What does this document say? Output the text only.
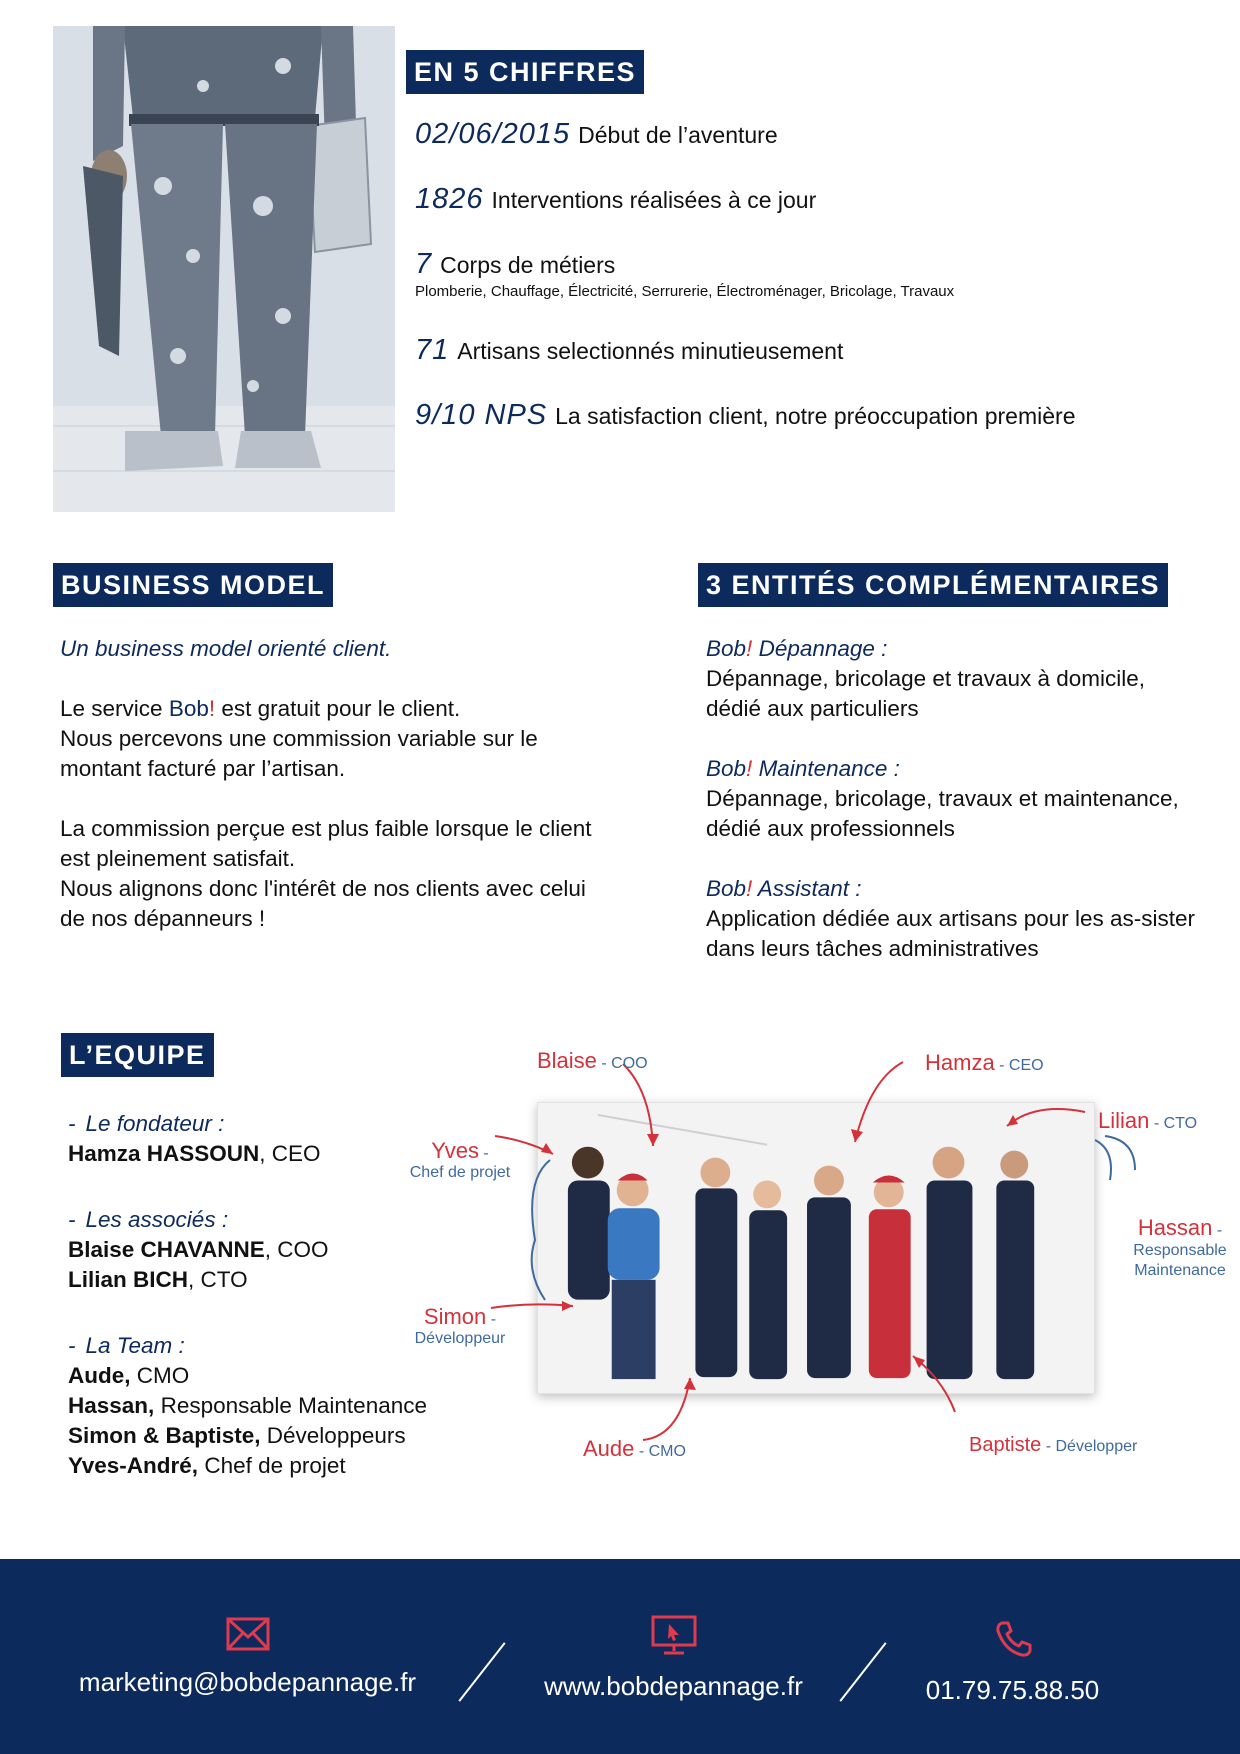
EN 5 CHIFFRES
02/06/2015 Début de l’aventure
1826 Interventions réalisées à ce jour
7 Corps de métiers
Plomberie, Chauffage, Électricité, Serrurerie, Électroménager, Bricolage, Travaux
71 Artisans selectionnés minutieusement
9/10 NPS La satisfaction client, notre préoccupation première
BUSINESS MODEL

Un business model orienté client.

Le service Bob! est gratuit pour le client.

Nous percevons une commission variable sur le montant facturé par l’artisan.

La commission perçue est plus faible lorsque le client est pleinement satisfait.

Nous alignons donc l'intérêt de nos clients avec celui de nos dépanneurs !

3 ENTITÉS COMPLÉMENTAIRES

Bob! Dépannage :

Dépannage, bricolage et travaux à domicile, dédié aux particuliers

Bob! Maintenance :

Dépannage, bricolage, travaux et maintenance, dédié aux professionnels

Bob! Assistant :

Application dédiée aux artisans pour les as-sister dans leurs tâches administratives

L’EQUIPE

- Le fondateur :

Hamza HASSOUN, CEO

- Les associés :

Blaise CHAVANNE, COO

Lilian BICH, CTO

- La Team :

Aude, CMO

Hassan, Responsable Maintenance

Simon & Baptiste, Développeurs

Yves-André, Chef de projet

Blaise - COO	Hamza - CEO
Lilian - CTO
Yves -
Chef de projet
Hassan -
Responsable
Maintenance
Simon -
Développeur
Aude - CMO	Baptiste - Développer
marketing@bobdepannage.fr	www.bobdepannage.fr	01.79.75.88.50
